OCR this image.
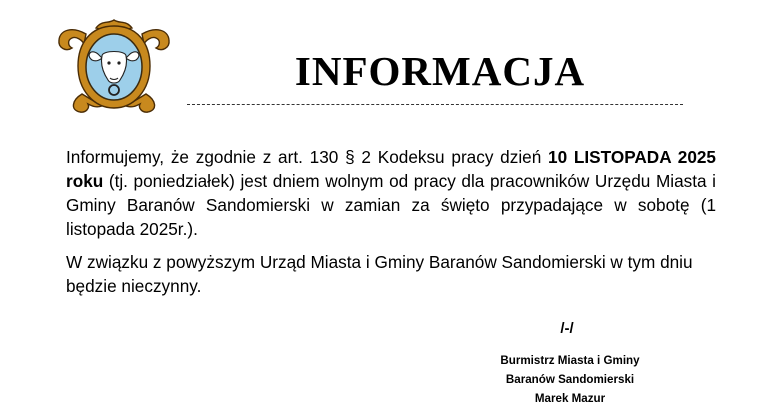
INFORMACJA

Informujemy, że zgodnie z art. 130 § 2 Kodeksu pracy dzień 10 LISTOPADA 2025 roku (tj. poniedziałek) jest dniem wolnym od pracy dla pracowników Urzędu Miasta i Gminy Baranów Sandomierski w zamian za święto przypadające w sobotę (1 listopada 2025r.).

W związku z powyższym Urząd Miasta i Gminy Baranów Sandomierski w tym dniu będzie nieczynny.

/-/
Burmistrz Miasta i Gminy
Baranów Sandomierski
Marek Mazur
